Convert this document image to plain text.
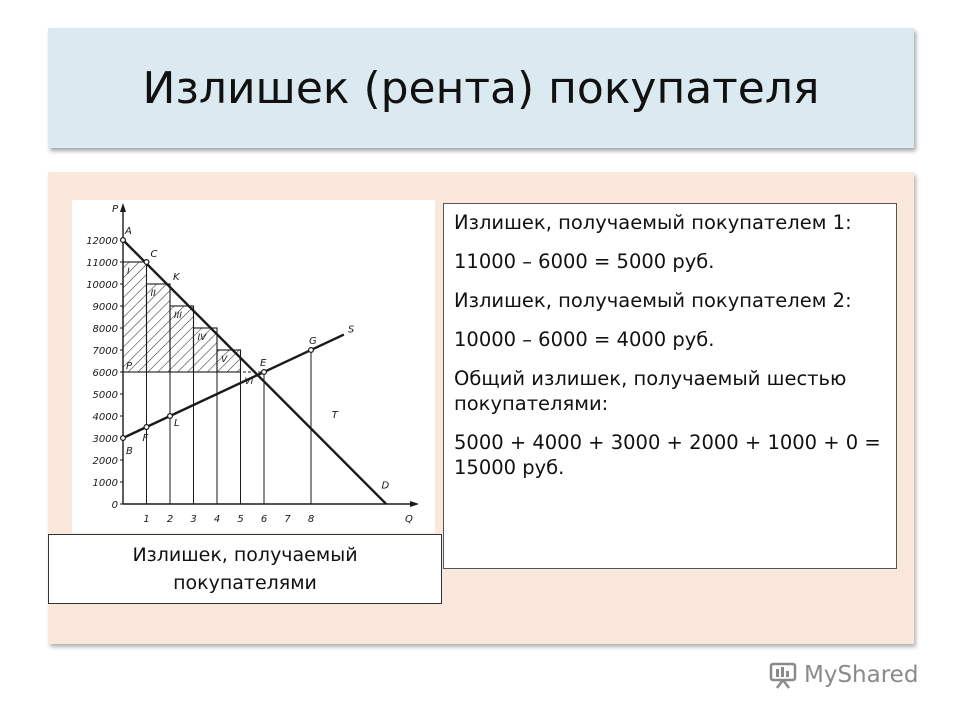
Излишек (рента) покупателя
I
II
III
IV
V
VI
P
P
Q
0
1000
2000
3000
4000
5000
6000
7000
8000
9000
10000
11000
12000
1 2 3 4 5 6 7 8
A
C
K
E
G
S
T
D
B
F
L
Излишек, получаемый
покупателями

Излишек, получаемый покупателем 1:

11000 – 6000 = 5000 руб.

Излишек, получаемый покупателем 2:

10000 – 6000 = 4000 руб.

Общий излишек, получаемый шестью покупателями:

5000 + 4000 + 3000 + 2000 + 1000 + 0 = 15000 руб.

MyShared
